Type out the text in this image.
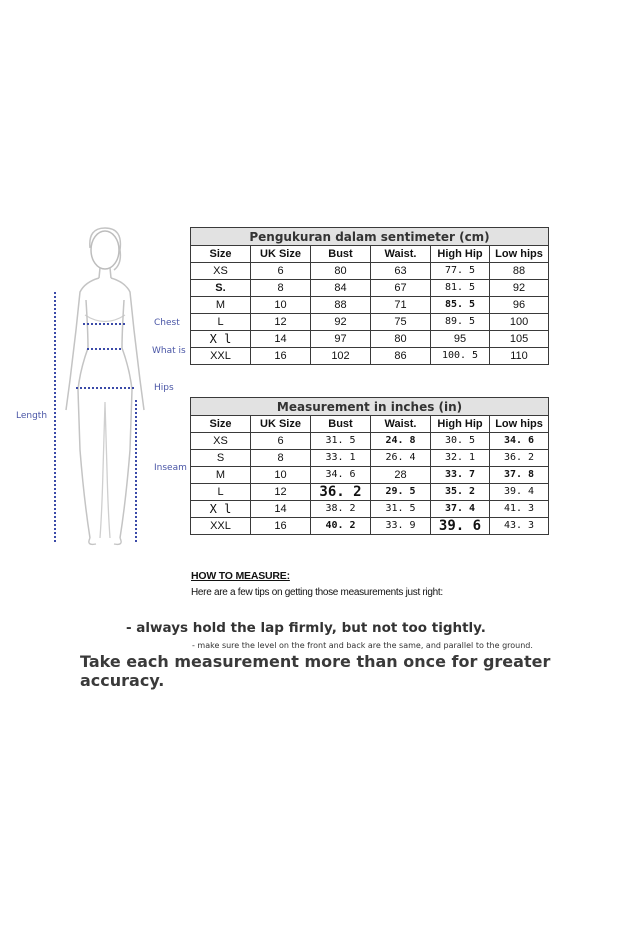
Chest
What is
Hips
Length
Inseam
Pengukuran dalam sentimeter (cm)					
Size	UK Size	Bust	Waist.	High Hip	Low hips
XS	6	80	63	77. 5	88
S.	8	84	67	81. 5	92
M	10	88	71	85. 5	96
L	12	92	75	89. 5	100
X l	14	97	80	95	105
XXL	16	102	86	100. 5	110
Measurement in inches (in)					
Size	UK Size	Bust	Waist.	High Hip	Low hips
XS	6	31. 5	24. 8	30. 5	34. 6
S	8	33. 1	26. 4	32. 1	36. 2
M	10	34. 6	28	33. 7	37. 8
L	12	36. 2	29. 5	35. 2	39. 4
X l	14	38. 2	31. 5	37. 4	41. 3
XXL	16	40. 2	33. 9	39. 6	43. 3
HOW TO MEASURE:
Here are a few tips on getting those measurements just right:
- always hold the lap firmly, but not too tightly.
- make sure the level on the front and back are the same, and parallel to the ground.
Take each measurement more than once for greater accuracy.
